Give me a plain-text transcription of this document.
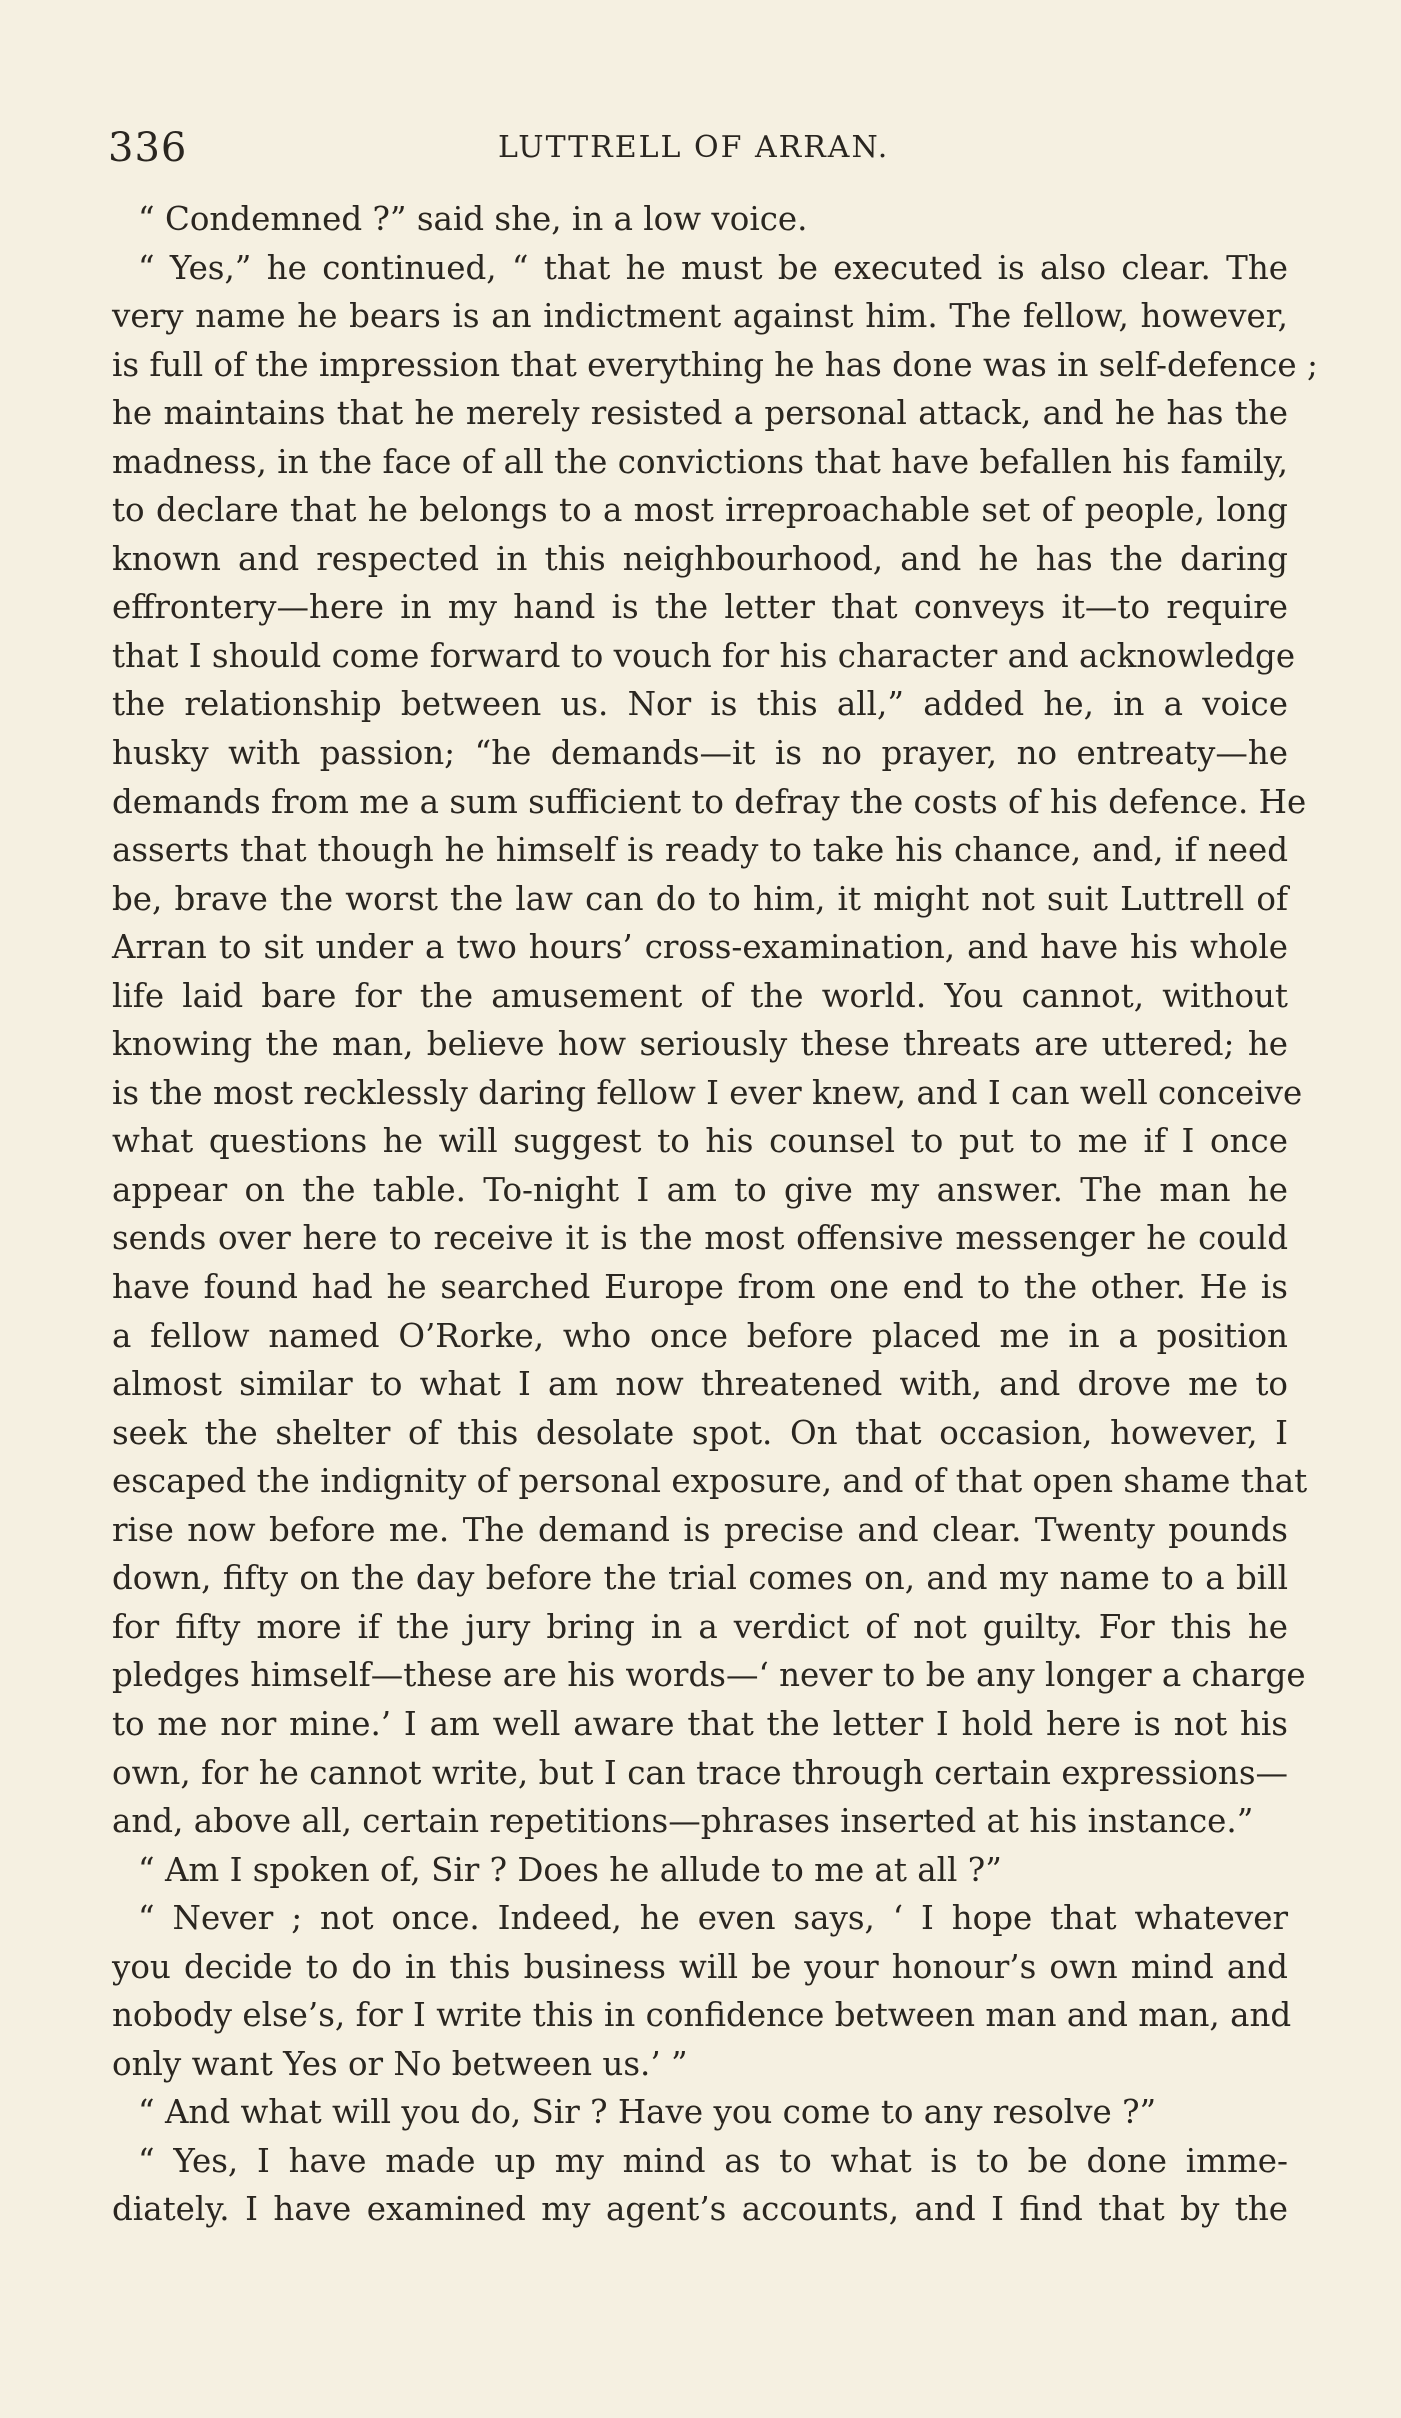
336	LUTTRELL OF ARRAN.
“ Condemned ?” said she, in a low voice.
“ Yes,” he continued, “ that he must be executed is also clear. The
very name he bears is an indictment against him. The fellow, however,
is full of the impression that everything he has done was in self-defence ;
he maintains that he merely resisted a personal attack, and he has the
madness, in the face of all the convictions that have befallen his family,
to declare that he belongs to a most irreproachable set of people, long
known and respected in this neighbourhood, and he has the daring
effrontery—here in my hand is the letter that conveys it—to require
that I should come forward to vouch for his character and acknowledge
the relationship between us. Nor is this all,” added he, in a voice
husky with passion; “he demands—it is no prayer, no entreaty—he
demands from me a sum sufficient to defray the costs of his defence. He
asserts that though he himself is ready to take his chance, and, if need
be, brave the worst the law can do to him, it might not suit Luttrell of
Arran to sit under a two hours’ cross-examination, and have his whole
life laid bare for the amusement of the world. You cannot, without
knowing the man, believe how seriously these threats are uttered; he
is the most recklessly daring fellow I ever knew, and I can well conceive
what questions he will suggest to his counsel to put to me if I once
appear on the table. To-night I am to give my answer. The man he
sends over here to receive it is the most offensive messenger he could
have found had he searched Europe from one end to the other. He is
a fellow named O’Rorke, who once before placed me in a position
almost similar to what I am now threatened with, and drove me to
seek the shelter of this desolate spot. On that occasion, however, I
escaped the indignity of personal exposure, and of that open shame that
rise now before me. The demand is precise and clear. Twenty pounds
down, fifty on the day before the trial comes on, and my name to a bill
for fifty more if the jury bring in a verdict of not guilty. For this he
pledges himself—these are his words—‘ never to be any longer a charge
to me nor mine.’ I am well aware that the letter I hold here is not his
own, for he cannot write, but I can trace through certain expressions—
and, above all, certain repetitions—phrases inserted at his instance.”
“ Am I spoken of, Sir ? Does he allude to me at all ?”
“ Never ; not once. Indeed, he even says, ‘ I hope that whatever
you decide to do in this business will be your honour’s own mind and
nobody else’s, for I write this in confidence between man and man, and
only want Yes or No between us.’ ”
“ And what will you do, Sir ? Have you come to any resolve ?”
“ Yes, I have made up my mind as to what is to be done imme-
diately. I have examined my agent’s accounts, and I find that by the
